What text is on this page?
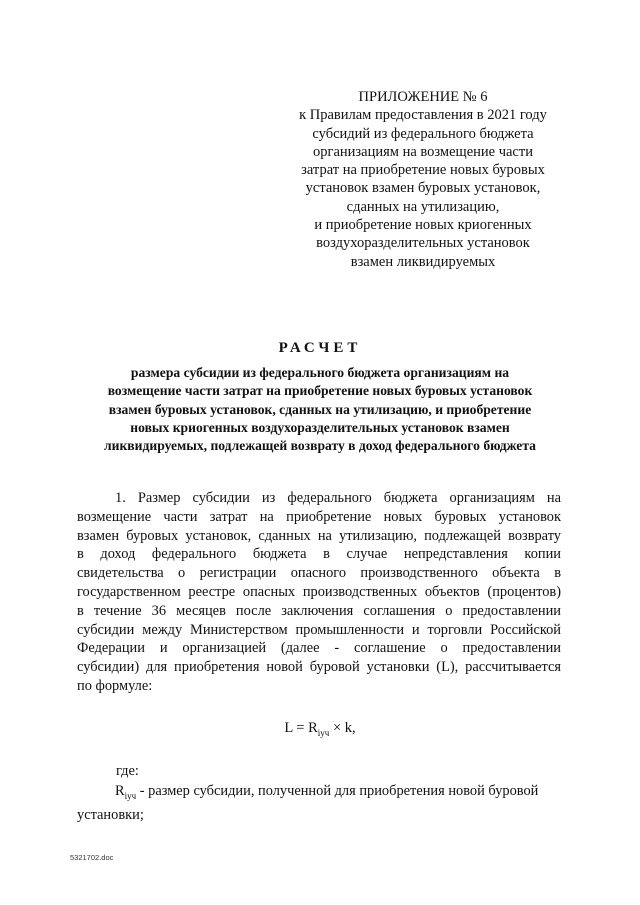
ПРИЛОЖЕНИЕ № 6
к Правилам предоставления в 2021 году
субсидий из федерального бюджета
организациям на возмещение части
затрат на приобретение новых буровых
установок взамен буровых установок,
сданных на утилизацию,
и приобретение новых криогенных
воздухоразделительных установок
взамен ликвидируемых
РАСЧЕТ
размера субсидии из федерального бюджета организациям на
возмещение части затрат на приобретение новых буровых установок
взамен буровых установок, сданных на утилизацию, и приобретение
новых криогенных воздухоразделительных установок взамен
ликвидируемых, подлежащей возврату в доход федерального бюджета
1. Размер субсидии из федерального бюджета организациям на
возмещение части затрат на приобретение новых буровых установок
взамен буровых установок, сданных на утилизацию, подлежащей возврату
в доход федерального бюджета в случае непредставления копии
свидетельства о регистрации опасного производственного объекта в
государственном реестре опасных производственных объектов (процентов)
в течение 36 месяцев после заключения соглашения о предоставлении
субсидии между Министерством промышленности и торговли Российской
Федерации и организацией (далее - соглашение о предоставлении
субсидии) для приобретения новой буровой установки (L), рассчитывается
по формуле:
$L = R_{iуч} \times k$,
где:
$R_{iуч}$ - размер субсидии, полученной для приобретения новой буровой
установки;
5321702.doc
